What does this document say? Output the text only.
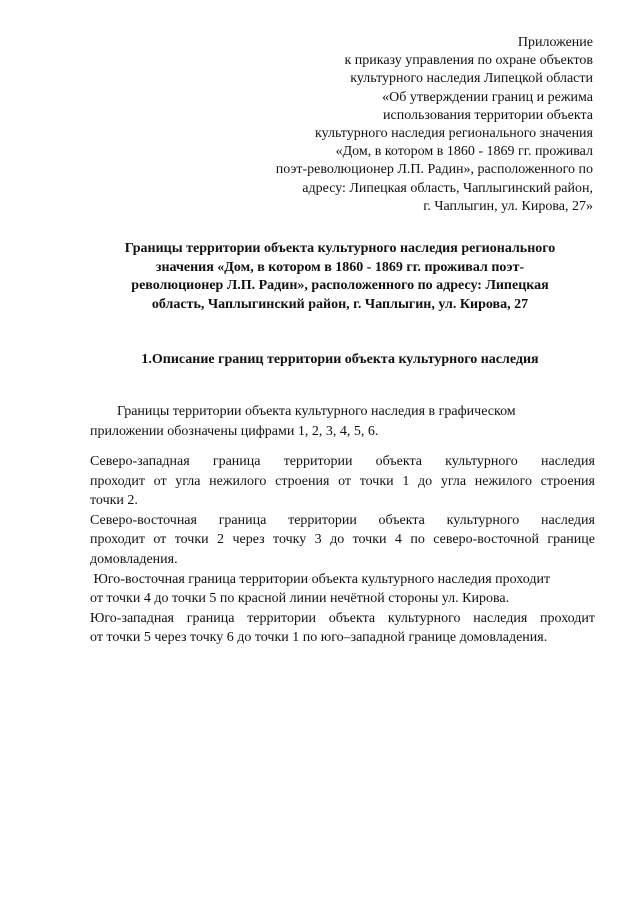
Приложение
к приказу управления по охране объектов
культурного наследия Липецкой области
«Об утверждении границ и режима
использования территории объекта
культурного наследия регионального значения
«Дом, в котором в 1860 - 1869 гг. проживал
поэт-революционер Л.П. Радин», расположенного по
адресу: Липецкая область, Чаплыгинский район,
г. Чаплыгин, ул. Кирова, 27»
Границы территории объекта культурного наследия регионального
значения «Дом, в котором в 1860 - 1869 гг. проживал поэт-
революционер Л.П. Радин», расположенного по адресу: Липецкая
область, Чаплыгинский район, г. Чаплыгин, ул. Кирова, 27
1.Описание границ территории объекта культурного наследия
Границы территории объекта культурного наследия в графическом
приложении обозначены цифрами 1, 2, 3, 4, 5, 6.
Северо-западная граница территории объекта культурного наследия
проходит от угла нежилого строения от точки 1 до угла нежилого строения
точки 2.
Северо-восточная граница территории объекта культурного наследия
проходит от точки 2 через точку 3 до точки 4 по северо-восточной границе
домовладения.
Юго-восточная граница территории объекта культурного наследия проходит
от точки 4 до точки 5 по красной линии нечётной стороны ул. Кирова.
Юго-западная граница территории объекта культурного наследия проходит
от точки 5 через точку 6 до точки 1 по юго–западной границе домовладения.
